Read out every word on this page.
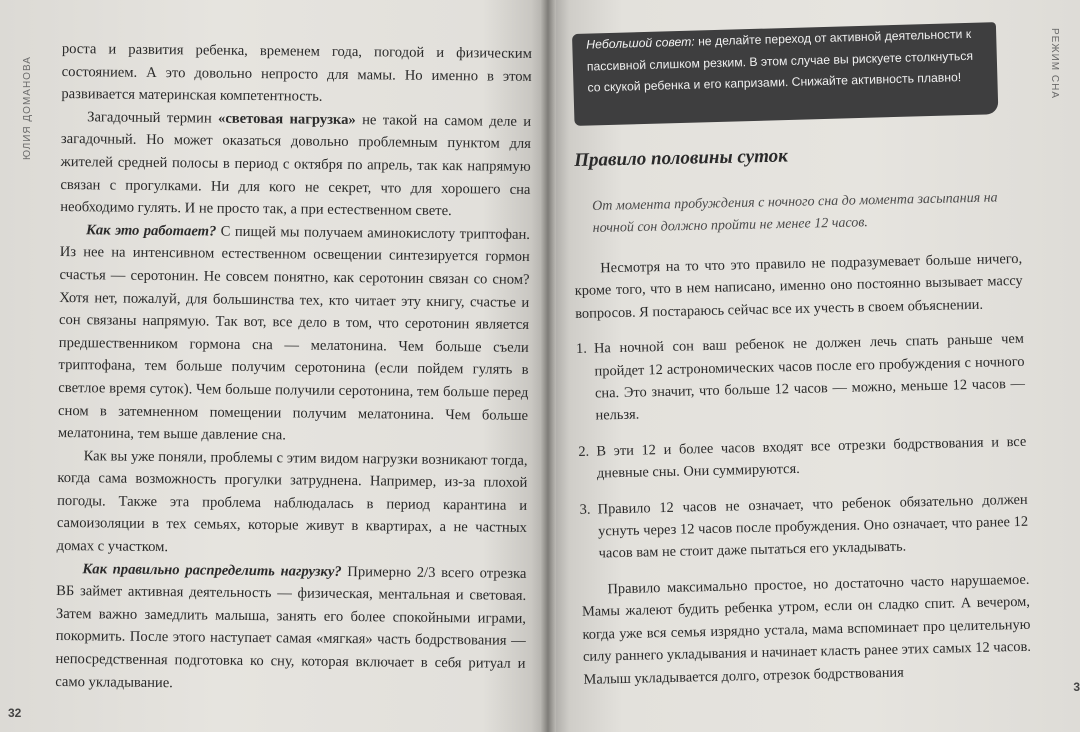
ЮЛИЯ ДОМАНОВА

роста и развития ребенка, временем года, погодой и физическим состоянием. А это довольно непросто для мамы. Но именно в этом развивается материнская компетентность.

Загадочный термин «световая нагрузка» не такой на самом деле и загадочный. Но может оказаться довольно проблемным пунктом для жителей средней полосы в период с октября по апрель, так как напрямую связан с прогулками. Ни для кого не секрет, что для хорошего сна необходимо гулять. И не просто так, а при естественном свете.

Как это работает? С пищей мы получаем аминокислоту триптофан. Из нее на интенсивном естественном освещении синтезируется гормон счастья — серотонин. Не совсем понятно, как серотонин связан со сном? Хотя нет, пожалуй, для большинства тех, кто читает эту книгу, счастье и сон связаны напрямую. Так вот, все дело в том, что серотонин является предшественником гормона сна — мелатонина. Чем больше съели триптофана, тем больше получим серотонина (если пойдем гулять в светлое время суток). Чем больше получили серотонина, тем больше перед сном в затемненном помещении получим мелатонина. Чем больше мелатонина, тем выше давление сна.

Как вы уже поняли, проблемы с этим видом нагрузки возникают тогда, когда сама возможность прогулки затруднена. Например, из-за плохой погоды. Также эта проблема наблюдалась в период карантина и самоизоляции в тех семьях, которые живут в квартирах, а не частных домах с участком.

Как правильно распределить нагрузку? Примерно 2/3 всего отрезка ВБ займет активная деятельность — физическая, ментальная и световая. Затем важно замедлить малыша, занять его более спокойными играми, покормить. После этого наступает самая «мягкая» часть бодрствования — непосредственная подготовка ко сну, которая включает в себя ритуал и само укладывание.

32
Небольшой совет: не делайте переход от активной деятельности к пассивной слишком резким. В этом случае вы рискуете столкнуться со скукой ребенка и его капризами. Снижайте активность плавно!	РЕЖИМ СНА
Правило половины суток
От момента пробуждения с ночного сна до момента засыпания на ночной сон должно пройти не менее 12 часов.

Несмотря на то что это правило не подразумевает больше ничего, кроме того, что в нем написано, именно оно постоянно вызывает массу вопросов. Я постараюсь сейчас все их учесть в своем объяснении.

1. На ночной сон ваш ребенок не должен лечь спать раньше чем пройдет 12 астрономических часов после его пробуждения с ночного сна. Это значит, что больше 12 часов — можно, меньше 12 часов — нельзя.
2. В эти 12 и более часов входят все отрезки бодрствования и все дневные сны. Они суммируются.
3. Правило 12 часов не означает, что ребенок обязательно должен уснуть через 12 часов после пробуждения. Оно означает, что ранее 12 часов вам не стоит даже пытаться его укладывать.

Правило максимально простое, но достаточно часто нарушаемое. Мамы жалеют будить ребенка утром, если он сладко спит. А вечером, когда уже вся семья изрядно устала, мама вспоминает про целительную силу раннего укладывания и начинает класть ранее этих самых 12 часов. Малыш укладывается долго, отрезок бодрствования	3
